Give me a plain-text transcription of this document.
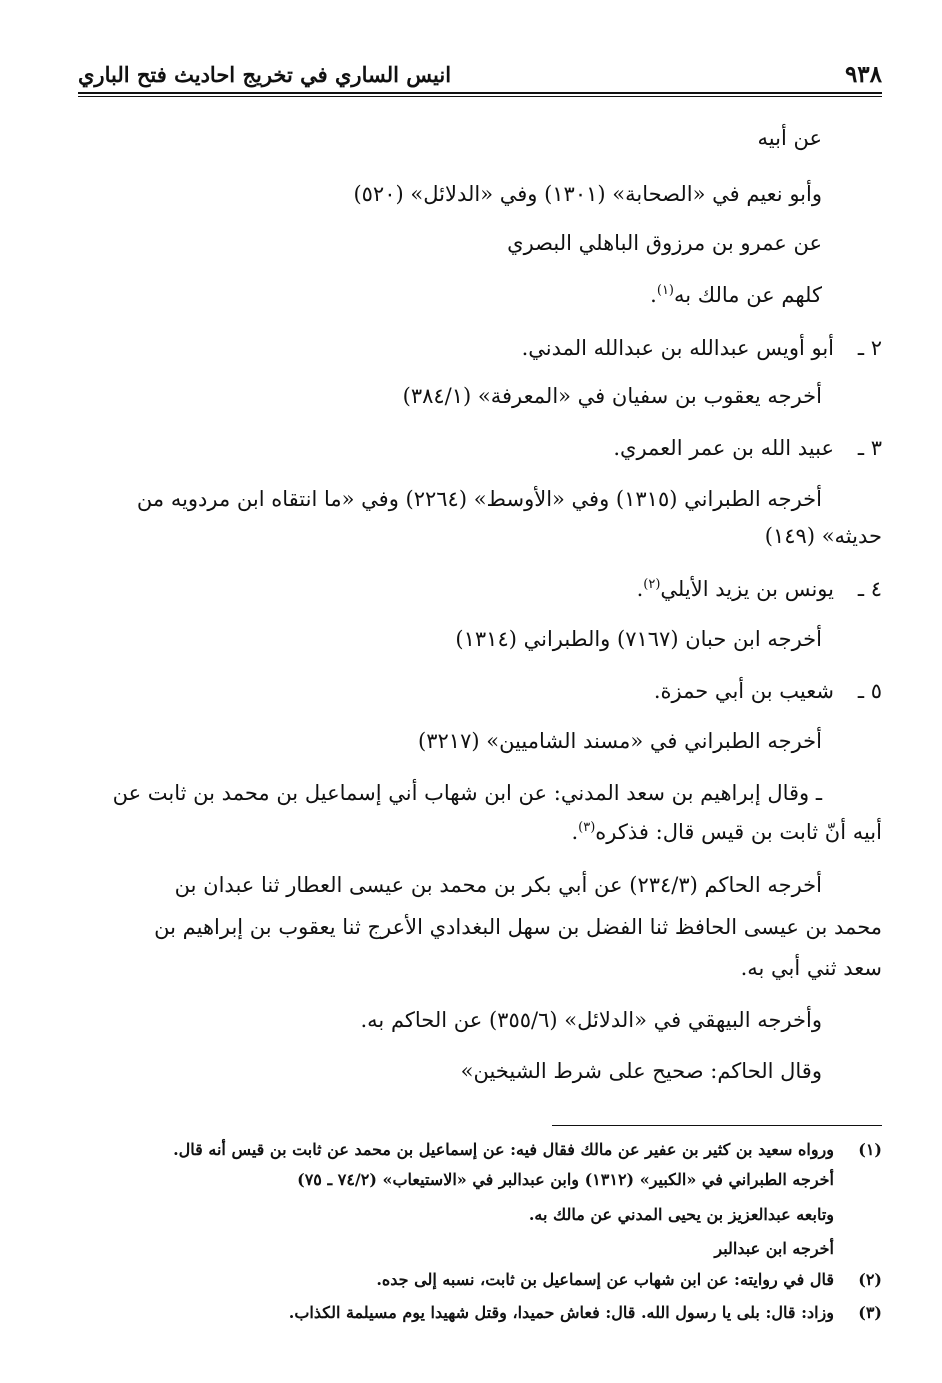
٩٣٨
انيس الساري في تخريج احاديث فتح الباري
عن أبيه
وأبو نعيم في «الصحابة» (١٣٠١) وفي «الدلائل» (٥٢٠)
عن عمرو بن مرزوق الباهلي البصري
كلهم عن مالك به$^{(١)}$.
٢ ـأبو أويس عبدالله بن عبدالله المدني.
أخرجه يعقوب بن سفيان في «المعرفة» (٣٨٤/١)
٣ ـعبيد الله بن عمر العمري.
أخرجه الطبراني (١٣١٥) وفي «الأوسط» (٢٢٦٤) وفي «ما انتقاه ابن مردويه من
حديثه» (١٤٩)
٤ ـيونس بن يزيد الأيلي$^{(٢)}$.
أخرجه ابن حبان (٧١٦٧) والطبراني (١٣١٤)
٥ ـشعيب بن أبي حمزة.
أخرجه الطبراني في «مسند الشاميين» (٣٢١٧)
ـ وقال إبراهيم بن سعد المدني: عن ابن شهاب أني إسماعيل بن محمد بن ثابت عن
أبيه أنّ ثابت بن قيس قال: فذكره$^{(٣)}$.
أخرجه الحاكم (٢٣٤/٣) عن أبي بكر بن محمد بن عيسى العطار ثنا عبدان بن
محمد بن عيسى الحافظ ثنا الفضل بن سهل البغدادي الأعرج ثنا يعقوب بن إبراهيم بن
سعد ثني أبي به.
وأخرجه البيهقي في «الدلائل» (٣٥٥/٦) عن الحاكم به.
وقال الحاكم: صحيح على شرط الشيخين»
(١)ورواه سعيد بن كثير بن عفير عن مالك فقال فيه: عن إسماعيل بن محمد عن ثابت بن قيس أنه قال.
أخرجه الطبراني في «الكبير» (١٣١٢) وابن عبدالبر في «الاستيعاب» (٧٤/٢ ـ ٧٥)
وتابعه عبدالعزيز بن يحيى المدني عن مالك به.
أخرجه ابن عبدالبر
(٢)قال في روايته: عن ابن شهاب عن إسماعيل بن ثابت، نسبه إلى جده.
(٣)وزاد: قال: بلى يا رسول الله. قال: فعاش حميدا، وقتل شهيدا يوم مسيلمة الكذاب.
